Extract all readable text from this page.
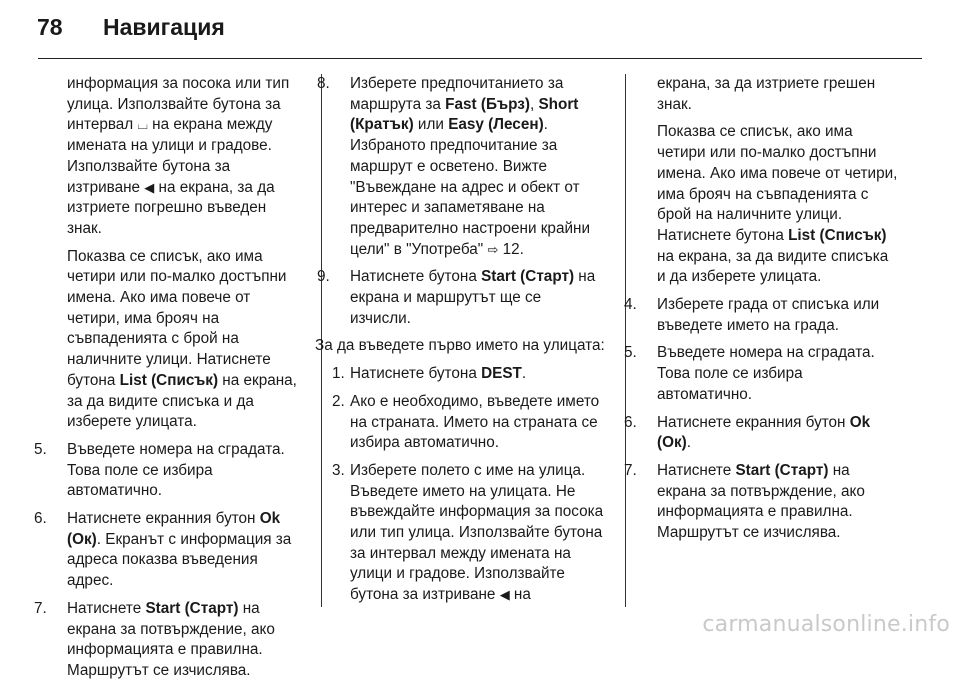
78 Навигация
информация за посока или тип улица. Използвайте бутона за интервал ⌴ на екрана между имената на улици и градове. Използвайте бутона за изтриване ◀ на екрана, за да изтриете погрешно въведен знак.
Показва се списък, ако има четири или по-малко достъпни имена. Ако има повече от четири, има брояч на съвпаденията с брой на наличните улици. Натиснете бутона List (Списък) на екрана, за да видите списъка и да изберете улицата.
5. Въведете номера на сградата. Това поле се избира автоматично.
6. Натиснете екранния бутон Ok (Ок). Екранът с информация за адреса показва въведения адрес.
7. Натиснете Start (Старт) на екрана за потвърждение, ако информацията е правилна. Маршрутът се изчислява.
8. Изберете предпочитанието за маршрута за Fast (Бърз), Short (Кратък) или Easy (Лесен). Избраното предпочитание за маршрут е осветено. Вижте "Въвеждане на адрес и обект от интерес и запаметяване на предварително настроени крайни цели" в "Употреба" ⇨ 12.
9. Натиснете бутона Start (Старт) на екрана и маршрутът ще се изчисли.
За да въведете първо името на улицата:
1. Натиснете бутона DEST.
2. Ако е необходимо, въведете името на страната. Името на страната се избира автоматично.
3. Изберете полето с име на улица. Въведете името на улицата. Не въвеждайте информация за посока или тип улица. Използвайте бутона за интервал между имената на улици и градове. Използвайте бутона за изтриване ◀ на
екрана, за да изтриете грешен знак.
Показва се списък, ако има четири или по-малко достъпни имена. Ако има повече от четири, има брояч на съвпаденията с брой на наличните улици. Натиснете бутона List (Списък) на екрана, за да видите списъка и да изберете улицата.
4. Изберете града от списъка или въведете името на града.
5. Въведете номера на сградата. Това поле се избира автоматично.
6. Натиснете екранния бутон Ok (Ок).
7. Натиснете Start (Старт) на екрана за потвърждение, ако информацията е правилна. Маршрутът се изчислява.
carmanualsonline.info
